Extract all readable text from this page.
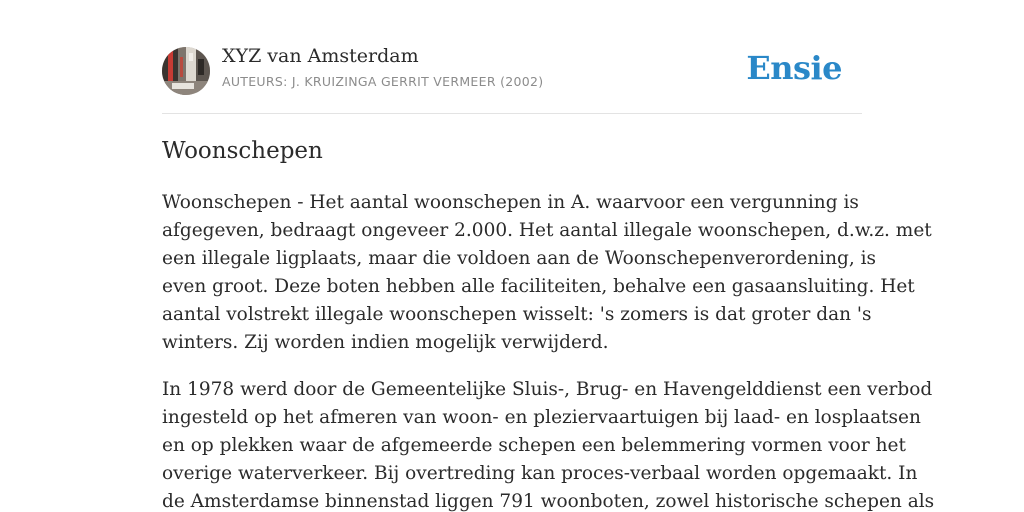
XYZ van Amsterdam
AUTEURS: J. KRUIZINGA GERRIT VERMEER (2002)	Ensie
Woonschepen

Woonschepen - Het aantal woonschepen in A. waarvoor een vergunning is
afgegeven, bedraagt ongeveer 2.000. Het aantal illegale woonschepen, d.w.z. met
een illegale ligplaats, maar die voldoen aan de Woonschepenverordening, is
even groot. Deze boten hebben alle faciliteiten, behalve een gasaansluiting. Het
aantal volstrekt illegale woonschepen wisselt: 's zomers is dat groter dan 's
winters. Zij worden indien mogelijk verwijderd.

In 1978 werd door de Gemeentelijke Sluis-, Brug- en Havengelddienst een verbod
ingesteld op het afmeren van woon- en pleziervaartuigen bij laad- en losplaatsen
en op plekken waar de afgemeerde schepen een belemmering vormen voor het
overige waterverkeer. Bij overtreding kan proces-verbaal worden opgemaakt. In
de Amsterdamse binnenstad liggen 791 woonboten, zowel historische schepen als
